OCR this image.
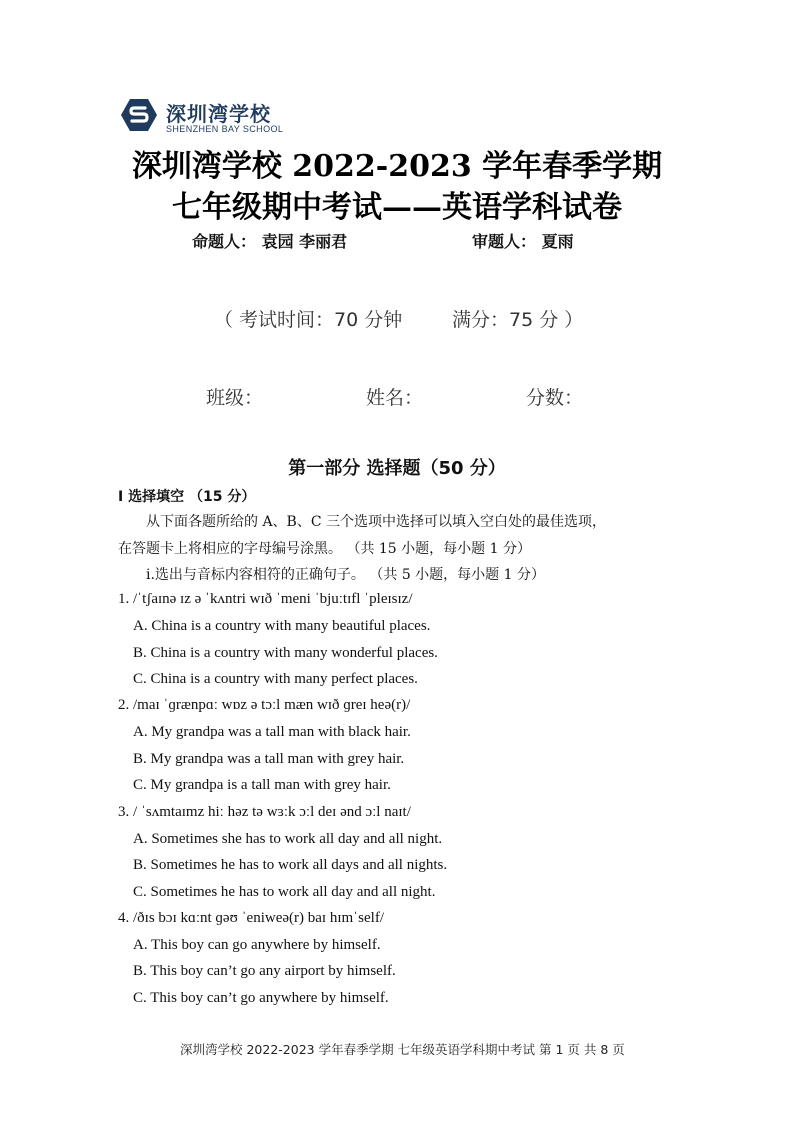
深圳湾学校
SHENZHEN BAY SCHOOL
深圳湾学校 2022-2023 学年春季学期
七年级期中考试——英语学科试卷
命题人： 袁园 李丽君	审题人： 夏雨
（ 考试时间：70 分钟	满分：75 分 ）
班级：	姓名：	分数：
第一部分 选择题（50 分）
I 选择填空 （15 分）
从下面各题所给的 A、B、C 三个选项中选择可以填入空白处的最佳选项，
在答题卡上将相应的字母编号涂黑。 （共 15 小题，每小题 1 分）
i.选出与音标内容相符的正确句子。 （共 5 小题，每小题 1 分）
1. /ˈtʃaɪnə ɪz ə ˈkʌntri wɪð ˈmeni ˈbjuːtɪfl ˈpleɪsɪz/
A. China is a country with many beautiful places.
B. China is a country with many wonderful places.
C. China is a country with many perfect places.
2. /maɪ ˈɡrænpɑː wɒz ə tɔːl mæn wɪð ɡreɪ heə(r)/
A. My grandpa was a tall man with black hair.
B. My grandpa was a tall man with grey hair.
C. My grandpa is a tall man with grey hair.
3. / ˈsʌmtaɪmz hiː həz tə wɜːk ɔːl deɪ ənd ɔːl naɪt/
A. Sometimes she has to work all day and all night.
B. Sometimes he has to work all days and all nights.
C. Sometimes he has to work all day and all night.
4. /ðɪs bɔɪ kɑːnt ɡəʊ ˈeniweə(r) baɪ hɪmˈself/
A. This boy can go anywhere by himself.
B. This boy can’t go any airport by himself.
C. This boy can’t go anywhere by himself.
深圳湾学校 2022-2023 学年春季学期 七年级英语学科期中考试 第 1 页 共 8 页
